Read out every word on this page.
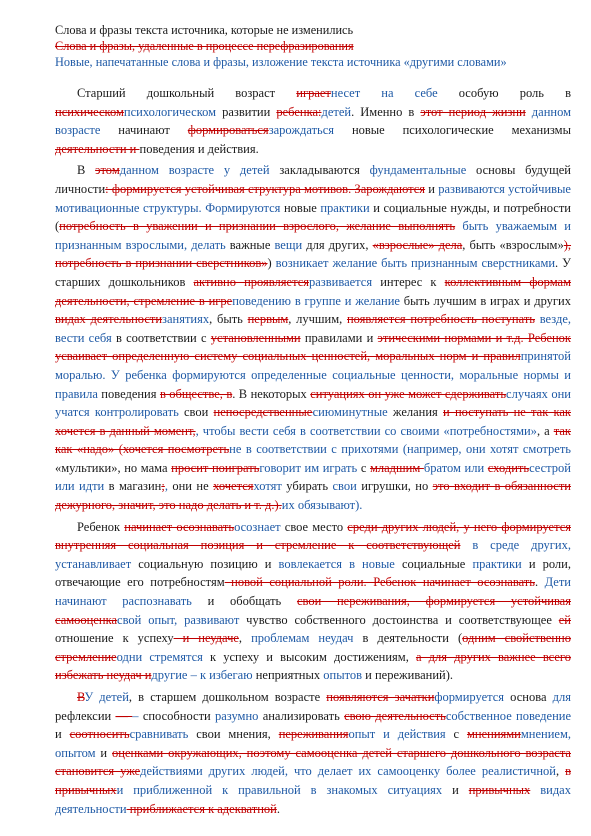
Слова и фразы текста источника, которые не изменились
Слова и фразы, удаленные в процессе перефразирования
Новые, напечатанные слова и фразы, изложение текста источника «другими словами»

Старший дошкольный возраст играетнесет на себе особую роль в психическомпсихологическом развитии ребенка:детей. Именно в этот период жизни данном возрасте начинают формироватьсязарождаться новые психологические механизмы деятельности и поведения и действия.

В этомданном возрасте у детей закладываются фундаментальные основы будущей личности: формируется устойчивая структура мотивов. Зарождаются и развиваются устойчивые мотивационные структуры. Формируются новые практики и социальные нужды, и потребности (потребность в уважении и признании взрослого, желание выполнять быть уважаемым и признанным взрослыми, делать важные вещи для других, «взрослые» дела, быть «взрослым»), потребность в признании сверстников») возникает желание быть признанным сверстниками. У старших дошкольников активно проявляетсяразвивается интерес к коллективным формам деятельности, стремление в игреповедению в группе и желание быть лучшим в играх и других видах деятельностизанятиях, быть первым, лучшим, появляется потребность поступать везде, вести себя в соответствии с установленными правилами и этическими нормами и т.д. Ребенок усваивает определенную систему социальных ценностей, моральных норм и правилпринятой моралью. У ребенка формируются определенные социальные ценности, моральные нормы и правила поведения в обществе, в. В некоторых ситуациях он уже может сдерживатьслучаях они учатся контролировать свои непосредственныесиюминутные желания и поступать не так как хочется в данный момент,, чтобы вести себя в соответствии со своими «потребностями», а так как «надо» (хочется посмотретьне в соответствии с прихотями (например, они хотят смотреть «мультики», но мама просит поигратьговорит им играть с младшим братом или сходитьсестрой или идти в магазин;, они не хочетсяхотят убирать свои игрушки, но это входит в обязанности дежурного, значит, это надо делать и т. д.).их обязывают).

Ребенок начинает осознаватьосознает свое место среди других людей, у него формируется внутренняя социальная позиция и стремление к соответствующей в среде других, устанавливает социальную позицию и вовлекается в новые социальные практики и роли, отвечающие его потребностям новой социальной роли. Ребенок начинает осознавать. Дети начинают распознавать и обобщать свои переживания, формируется устойчивая самооценкасвой опыт, развивают чувство собственного достоинства и соответствующее ей отношение к успеху и неудаче, проблемам неудач в деятельности (одним свойственно стремлениеодни стремятся к успеху и высоким достижениям, а для других важнее всего избежать неудач идругие – к избегаю неприятных опытов и переживаний).

ВУ детей, в старшем дошкольном возрасте появляются зачаткиформируется основа для рефлексии — – способности разумно анализировать свою деятельностьсобственное поведение и соотноситьсравнивать свои мнения, переживанияопыт и действия с мнениямимнением, опытом и оценками окружающих, поэтому самооценка детей старшего дошкольного возраста становится ужедействиями других людей, что делает их самооценку более реалистичной, в привычныхи приближенной к правильной в знакомых ситуациях и привычных видах деятельности приближается к адекватной.
